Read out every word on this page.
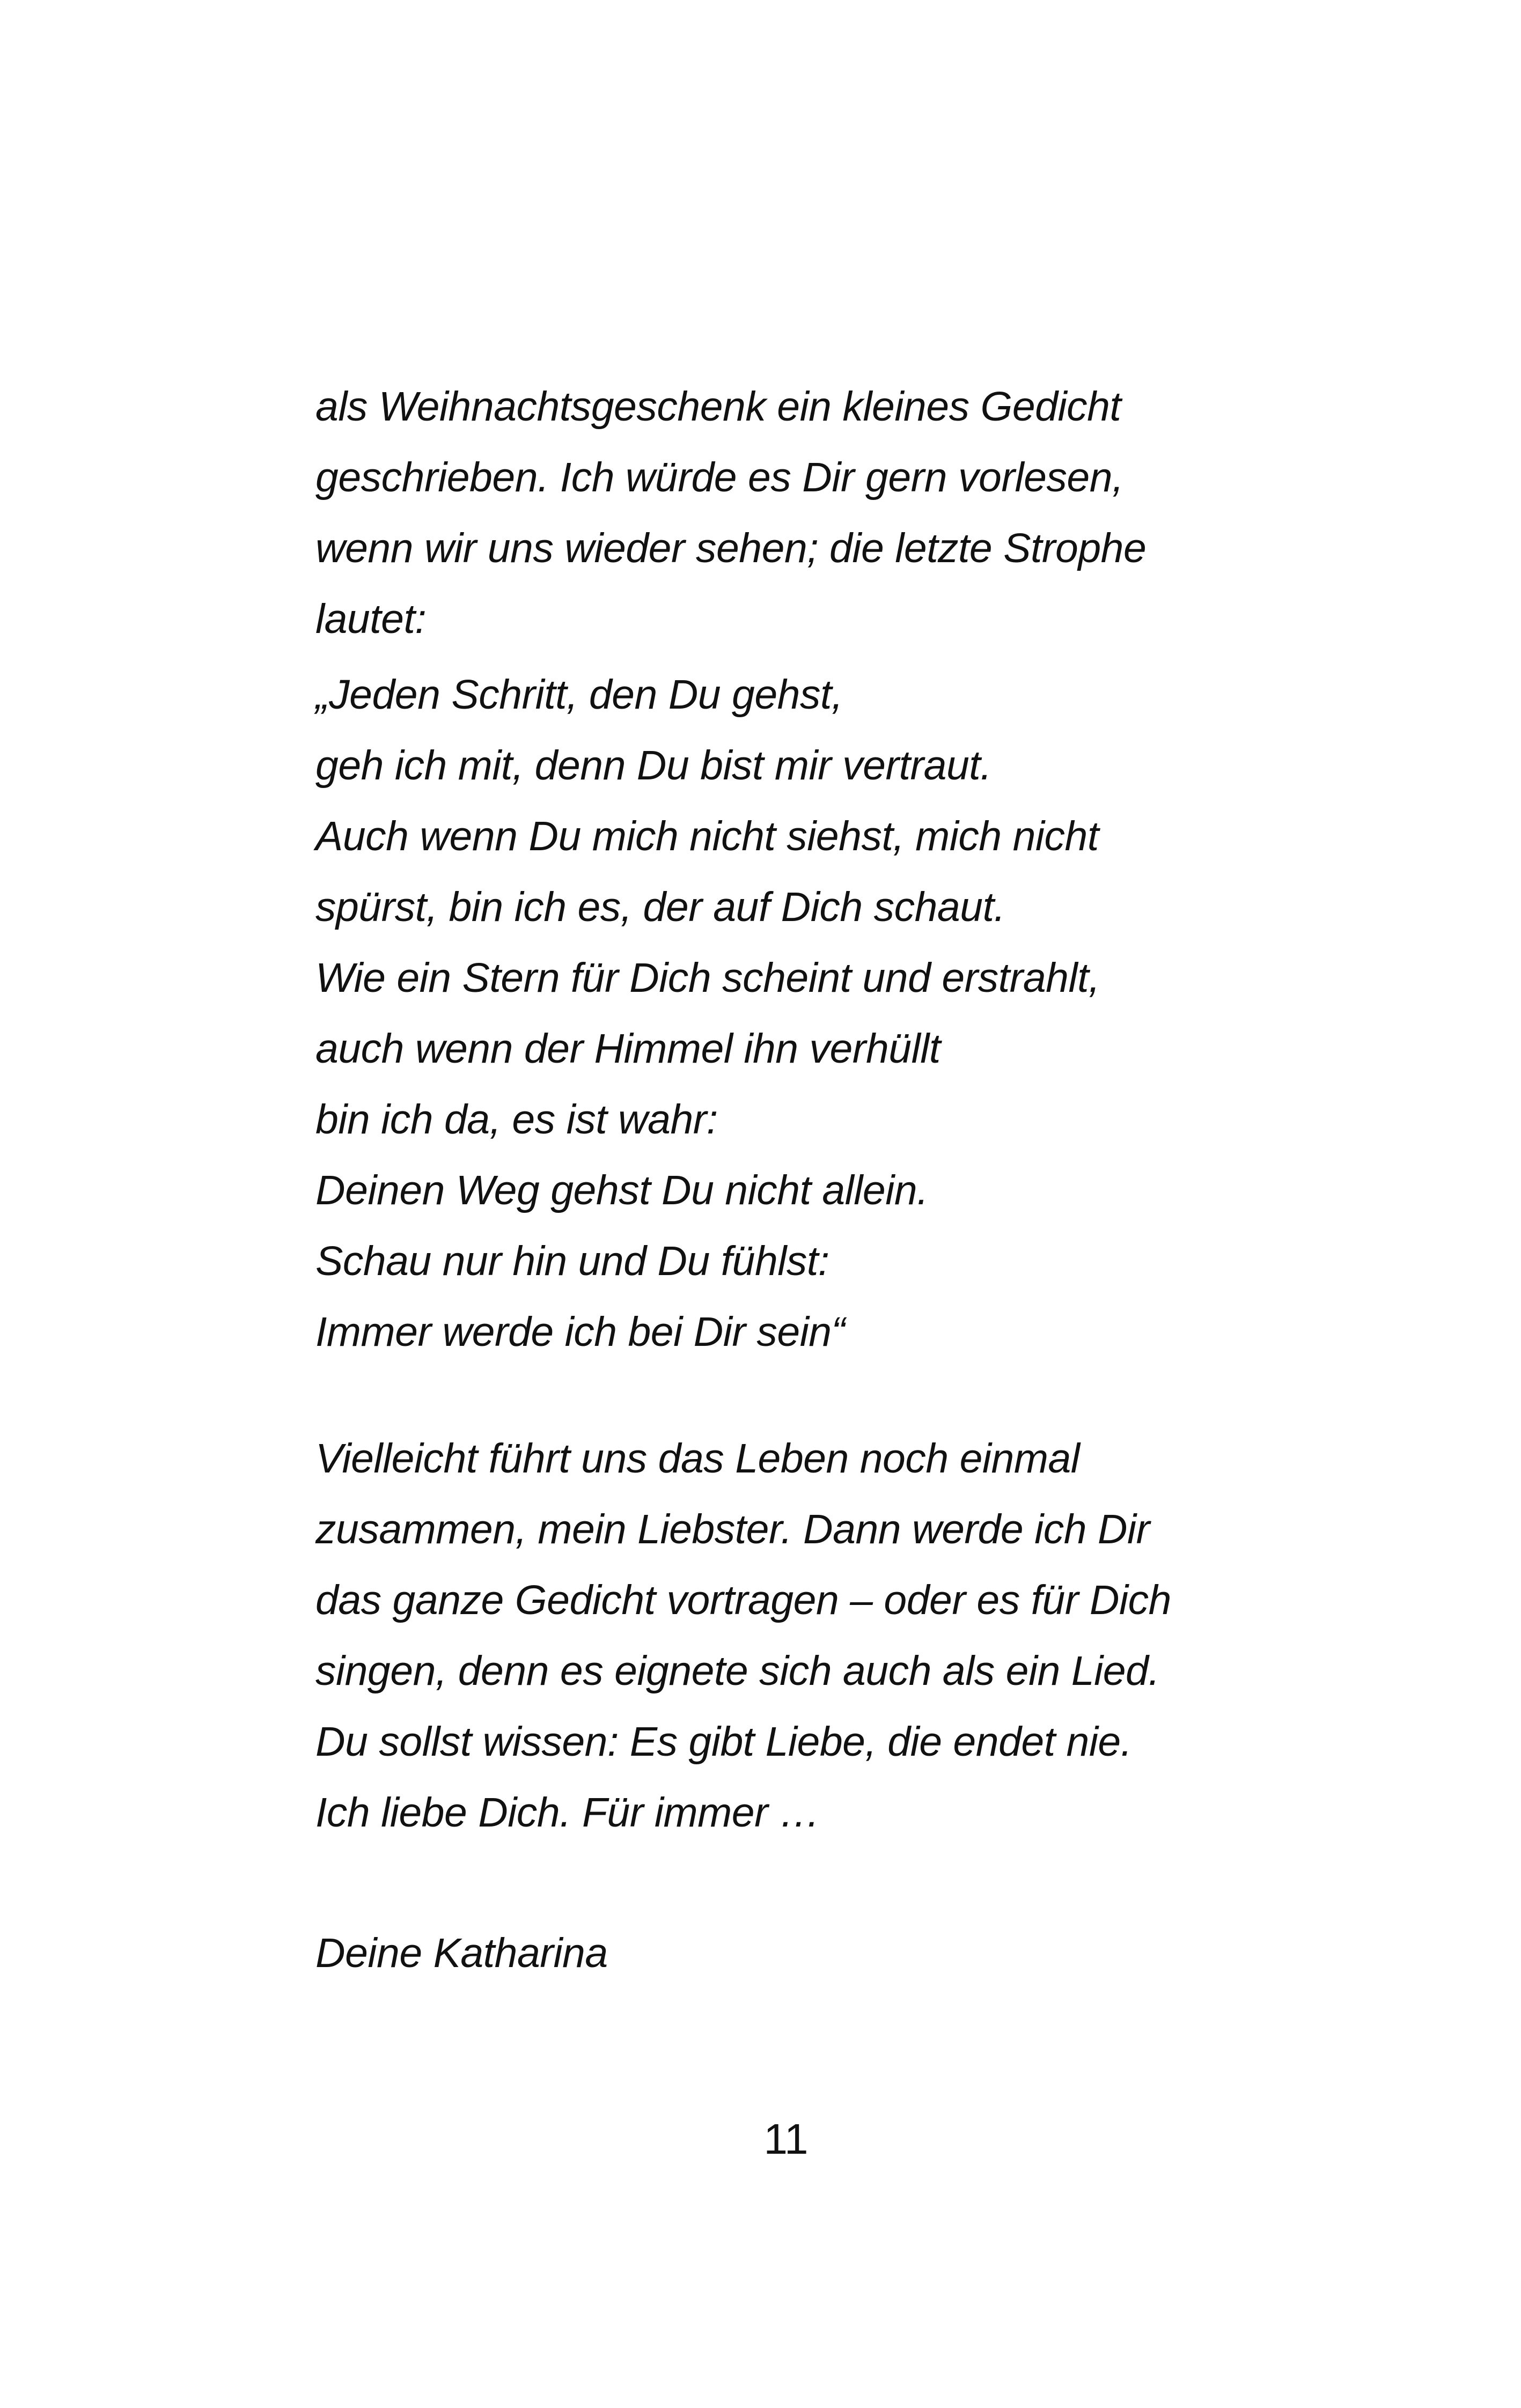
als Weihnachtsgeschenk ein kleines Gedicht
geschrieben. Ich würde es Dir gern vorlesen,
wenn wir uns wieder sehen; die letzte Strophe
lautet:
„Jeden Schritt, den Du gehst,
geh ich mit, denn Du bist mir vertraut.
Auch wenn Du mich nicht siehst, mich nicht
spürst, bin ich es, der auf Dich schaut.
Wie ein Stern für Dich scheint und erstrahlt,
auch wenn der Himmel ihn verhüllt
bin ich da, es ist wahr:
Deinen Weg gehst Du nicht allein.
Schau nur hin und Du fühlst:
Immer werde ich bei Dir sein“
Vielleicht führt uns das Leben noch einmal
zusammen, mein Liebster. Dann werde ich Dir
das ganze Gedicht vortragen – oder es für Dich
singen, denn es eignete sich auch als ein Lied.
Du sollst wissen: Es gibt Liebe, die endet nie.
Ich liebe Dich. Für immer …
Deine Katharina
11
